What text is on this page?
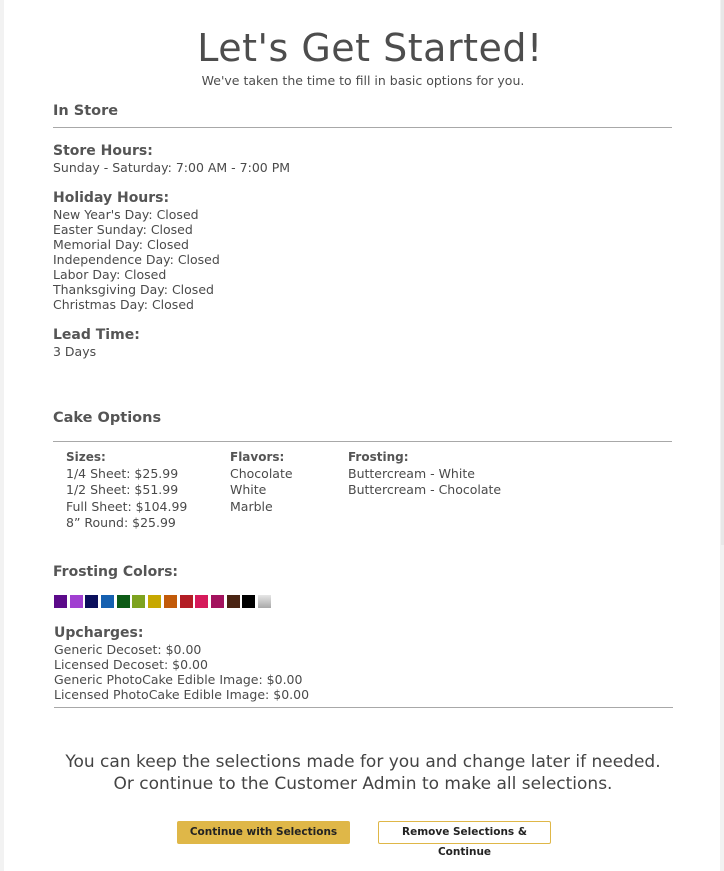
Let's Get Started!
We've taken the time to fill in basic options for you.
In Store
Store Hours:
Sunday - Saturday: 7:00 AM - 7:00 PM
Holiday Hours:
New Year's Day: Closed
Easter Sunday: Closed
Memorial Day: Closed
Independence Day: Closed
Labor Day: Closed
Thanksgiving Day: Closed
Christmas Day: Closed
Lead Time:
3 Days
Cake Options
Sizes:
1/4 Sheet: $25.99
1/2 Sheet: $51.99
Full Sheet: $104.99
8” Round: $25.99
Flavors:
Chocolate
White
Marble
Frosting:
Buttercream - White
Buttercream - Chocolate
Frosting Colors:
Upcharges:
Generic Decoset: $0.00
Licensed Decoset: $0.00
Generic PhotoCake Edible Image: $0.00
Licensed PhotoCake Edible Image: $0.00
You can keep the selections made for you and change later if needed.
Or continue to the Customer Admin to make all selections.
Continue with Selections	Remove Selections & Continue
